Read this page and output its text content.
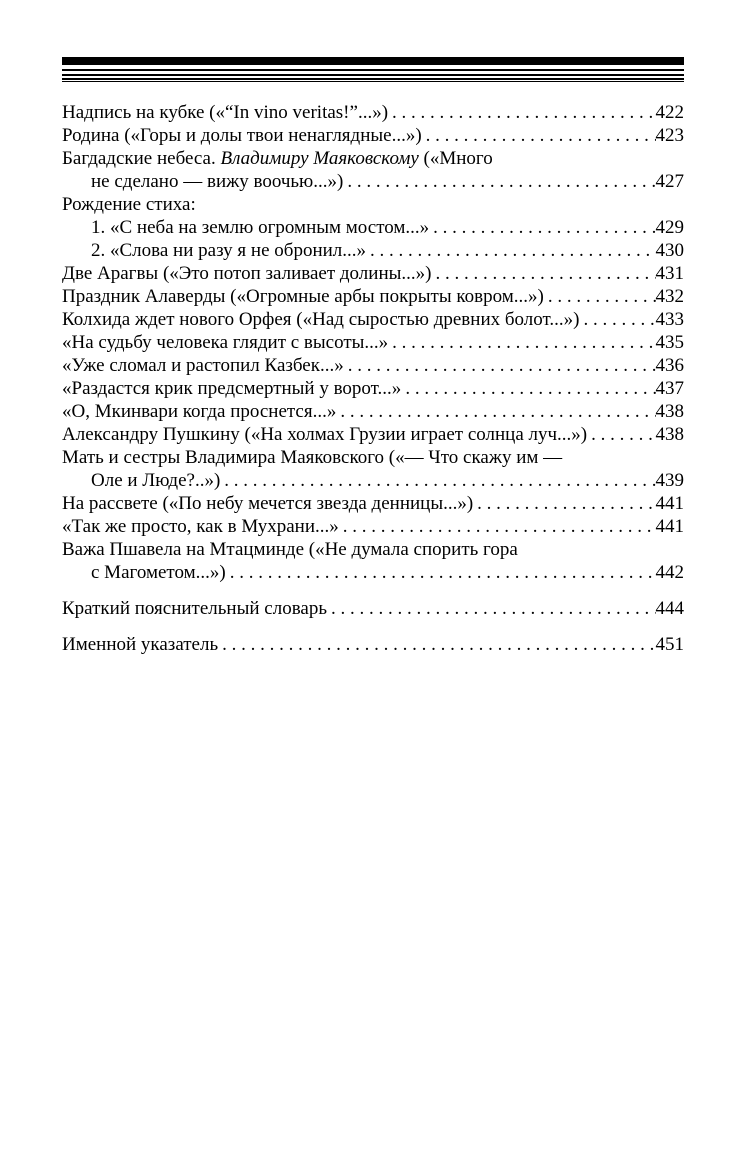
Надпись на кубке («“In vino veritas!”...») . . .	422
Родина («Горы и долы твои ненаглядные...») . . .	423
Багдадские небеса. Владимиру Маяковскому («Много
не сделано — вижу воочью...») . . .	427
Рождение стиха:
1. «С неба на землю огромным мостом...» . . .	429
2. «Слова ни разу я не обронил...» . . .	430
Две Арагвы («Это потоп заливает долины...») . . .	431
Праздник Алаверды («Огромные арбы покрыты ковром...») . . .	432
Колхида ждет нового Орфея («Над сыростью древних болот...») . . .	433
«На судьбу человека глядит с высоты...» . . .	435
«Уже сломал и растопил Казбек...» . . .	436
«Раздастся крик предсмертный у ворот...» . . .	437
«О, Мкинвари когда проснется...» . . .	438
Александру Пушкину («На холмах Грузии играет солнца луч...») . . .	438
Мать и сестры Владимира Маяковского («— Что скажу им —
Оле и Люде?..») . . .	439
На рассвете («По небу мечется звезда денницы...») . . .	441
«Так же просто, как в Мухрани...» . . .	441
Важа Пшавела на Мтацминде («Не думала спорить гора
с Магометом...») . . .	442
Краткий пояснительный словарь . . .	444
Именной указатель . . .	451
